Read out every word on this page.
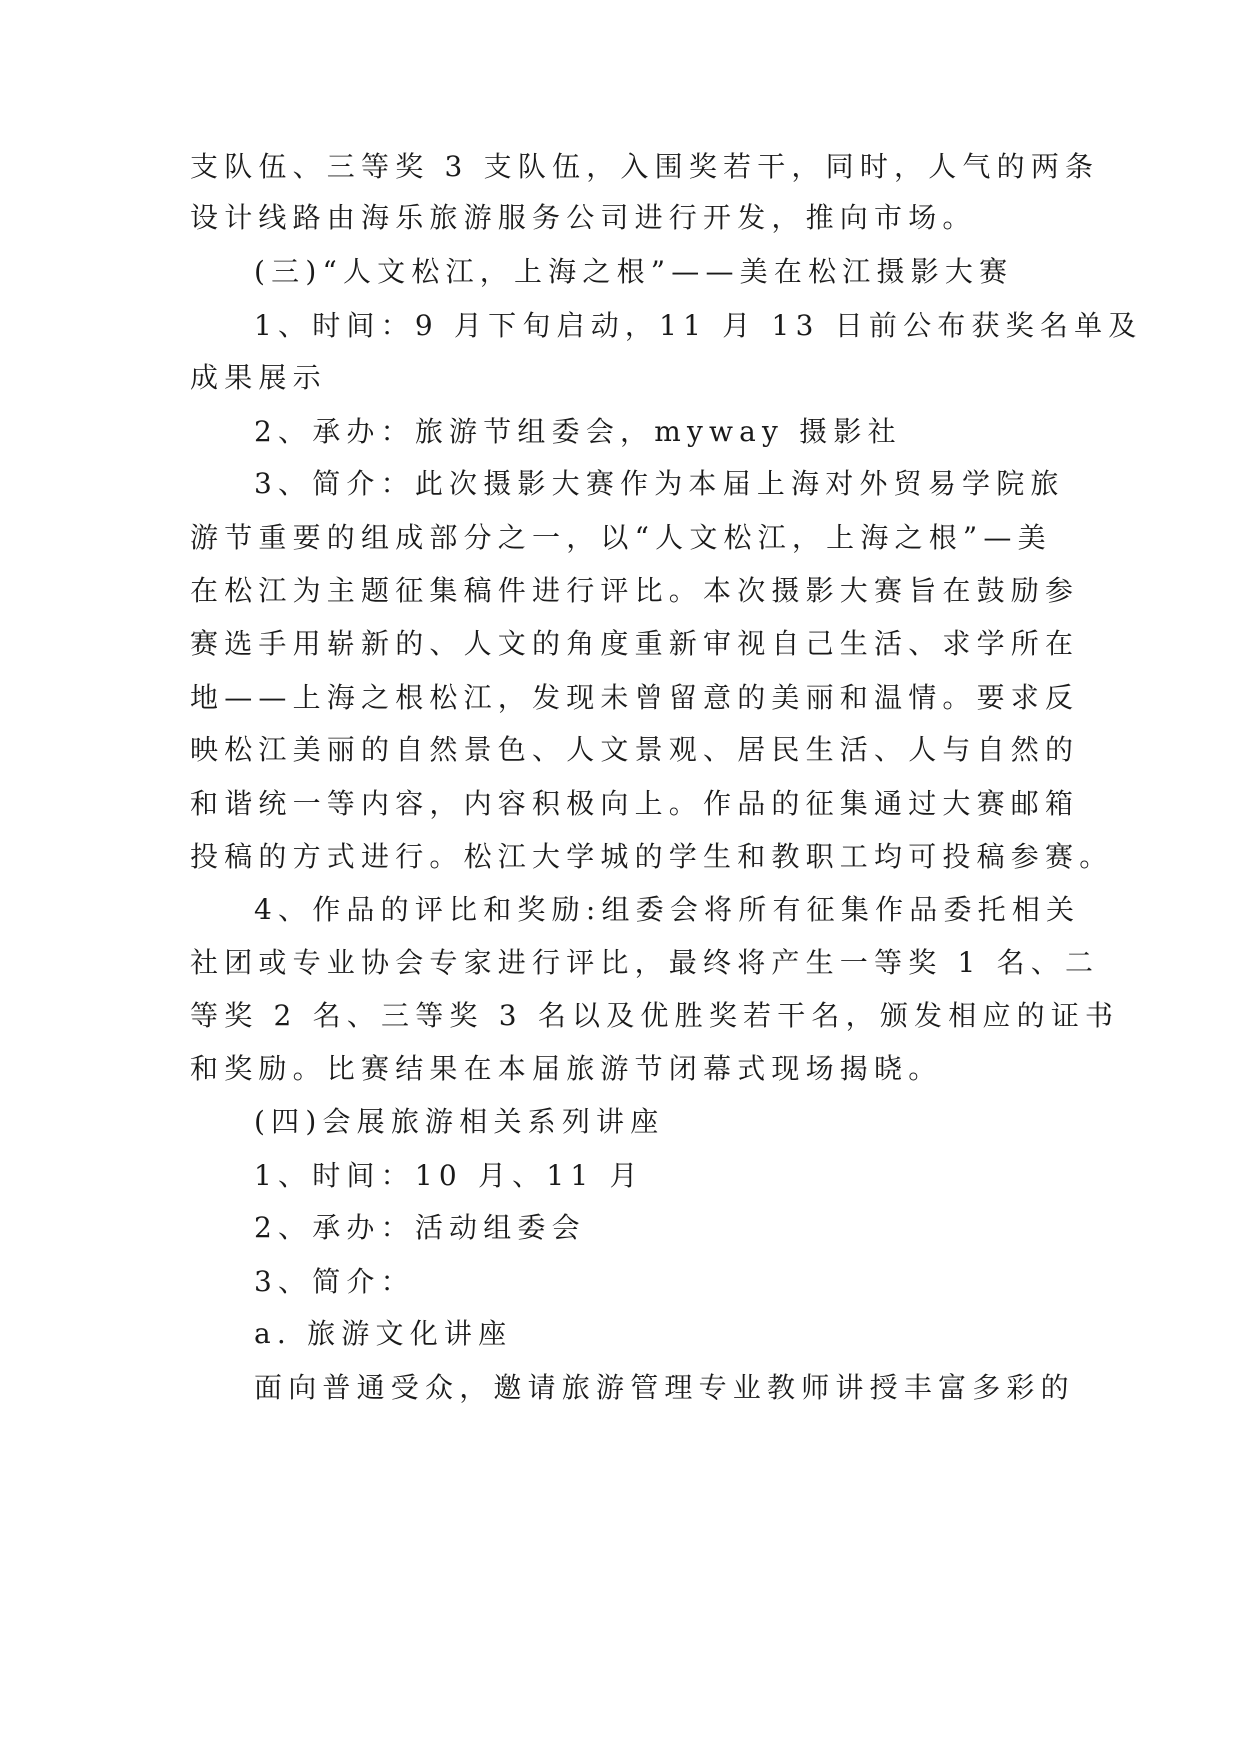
支队伍、三等奖 3 支队伍，入围奖若干，同时，人气的两条
设计线路由海乐旅游服务公司进行开发，推向市场。
(三)“人文松江，上海之根”——美在松江摄影大赛
1、时间：9 月下旬启动，11 月 13 日前公布获奖名单及
成果展示
2、承办：旅游节组委会，myway 摄影社
3、简介：此次摄影大赛作为本届上海对外贸易学院旅
游节重要的组成部分之一，以“人文松江，上海之根”—美
在松江为主题征集稿件进行评比。本次摄影大赛旨在鼓励参
赛选手用崭新的、人文的角度重新审视自己生活、求学所在
地——上海之根松江，发现未曾留意的美丽和温情。要求反
映松江美丽的自然景色、人文景观、居民生活、人与自然的
和谐统一等内容，内容积极向上。作品的征集通过大赛邮箱
投稿的方式进行。松江大学城的学生和教职工均可投稿参赛。
4、作品的评比和奖励:组委会将所有征集作品委托相关
社团或专业协会专家进行评比，最终将产生一等奖 1 名、二
等奖 2 名、三等奖 3 名以及优胜奖若干名，颁发相应的证书
和奖励。比赛结果在本届旅游节闭幕式现场揭晓。
(四)会展旅游相关系列讲座
1、时间：10 月、11 月
2、承办：活动组委会
3、简介：
a. 旅游文化讲座
面向普通受众，邀请旅游管理专业教师讲授丰富多彩的
